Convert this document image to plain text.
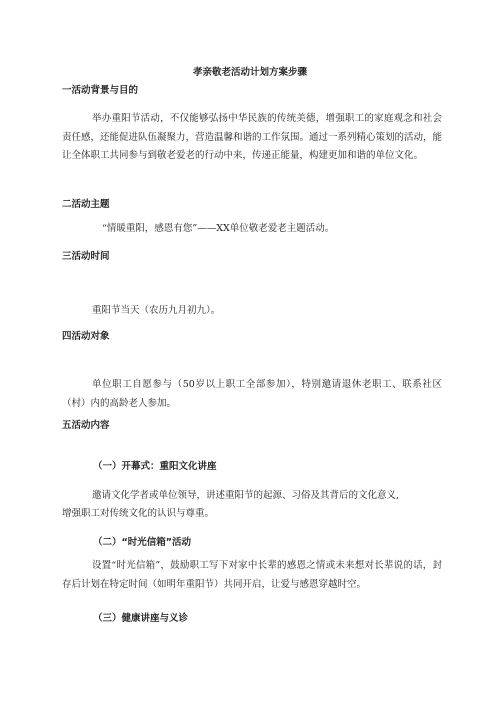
孝亲敬老活动计划方案步骤
一活动背景与目的
举办重阳节活动，不仅能够弘扬中华民族的传统美德，增强职工的家庭观念和社会责任感，还能促进队伍凝聚力，营造温馨和谐的工作氛围。通过一系列精心策划的活动，能让全体职工共同参与到敬老爱老的行动中来，传递正能量，构建更加和谐的单位文化。
二活动主题
“情暖重阳，感恩有您”——XX单位敬老爱老主题活动。
三活动时间
重阳节当天（农历九月初九）。
四活动对象
单位职工自愿参与（50岁以上职工全部参加），特别邀请退休老职工、联系社区（村）内的高龄老人参加。
五活动内容
（一）开幕式：重阳文化讲座
邀请文化学者或单位领导，讲述重阳节的起源、习俗及其背后的文化意义,
增强职工对传统文化的认识与尊重。
（二）“时光信箱”活动
设置“时光信箱”，鼓励职工写下对家中长辈的感恩之情或未来想对长辈说的话，封存后计划在特定时间（如明年重阳节）共同开启，让爱与感恩穿越时空。
（三）健康讲座与义诊
